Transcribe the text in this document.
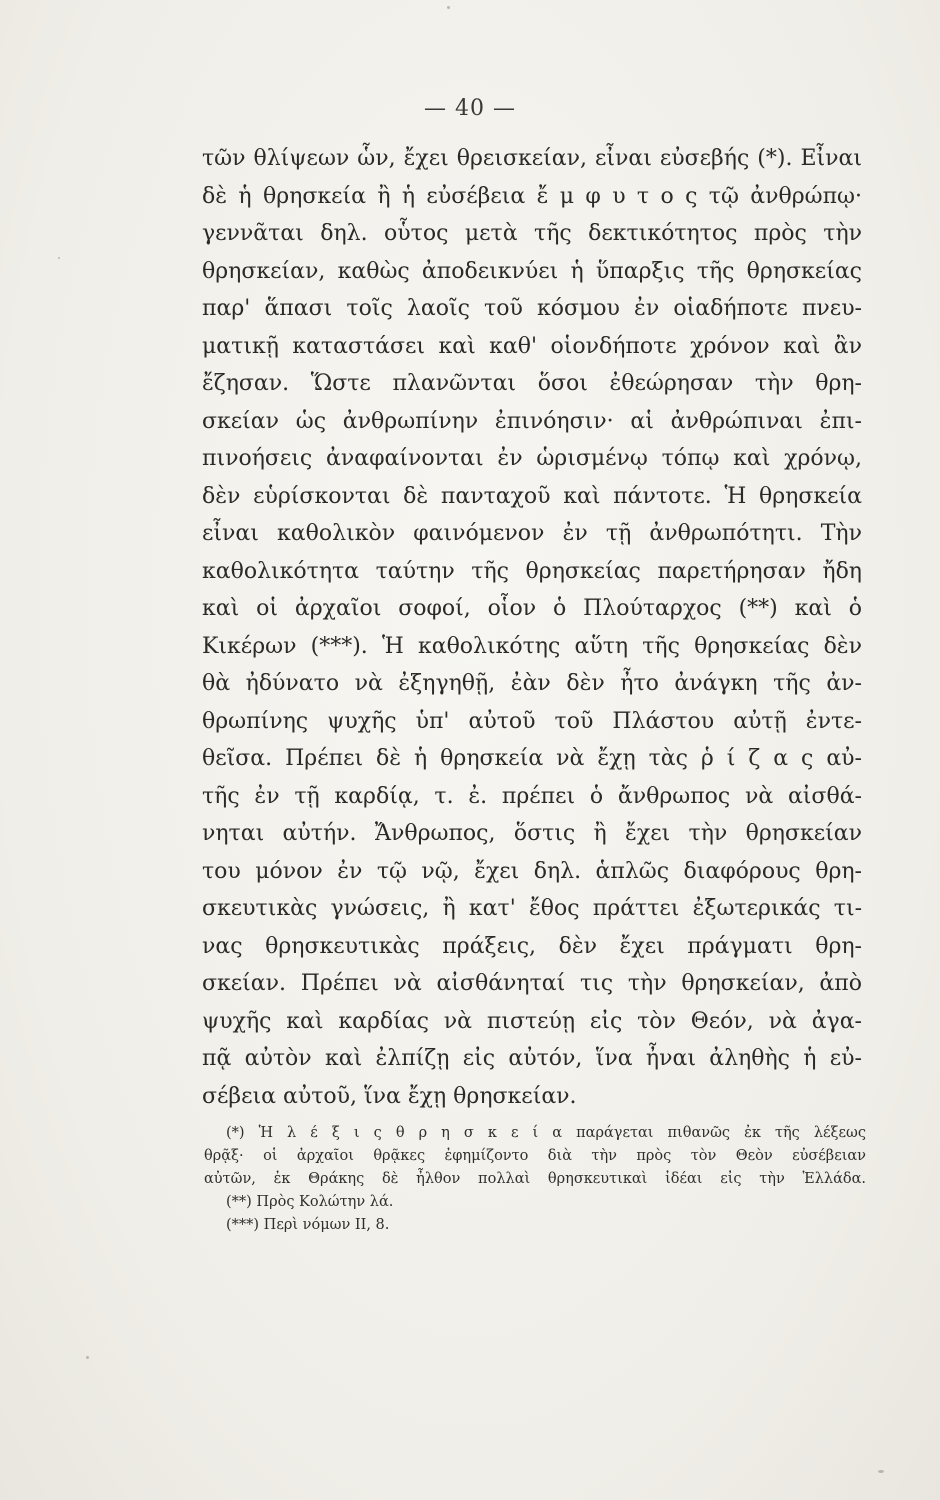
— 40 —
τῶν θλίψεων ὧν, ἔχει θρεισκείαν, εἶναι εὐσεβής (*). Εἶναι
δὲ ἡ θρησκεία ἢ ἡ εὐσέβεια ἔ μ φ υ τ ο ς τῷ ἀνθρώπῳ·
γεννᾶται δηλ. οὗτος μετὰ τῆς δεκτικότητος πρὸς τὴν
θρησκείαν, καθὼς ἀποδεικνύει ἡ ὕπαρξις τῆς θρησκείας
παρ' ἅπασι τοῖς λαοῖς τοῦ κόσμου ἐν οἱαδήποτε πνευ-
ματικῇ καταστάσει καὶ καθ' οἱονδήποτε χρόνον καὶ ἂν
ἔζησαν. Ὥστε πλανῶνται ὅσοι ἐθεώρησαν τὴν θρη-
σκείαν ὡς ἀνθρωπίνην ἐπινόησιν· αἱ ἀνθρώπιναι ἐπι-
πινοήσεις ἀναφαίνονται ἐν ὡρισμένῳ τόπῳ καὶ χρόνῳ,
δὲν εὑρίσκονται δὲ πανταχοῦ καὶ πάντοτε. Ἡ θρησκεία
εἶναι καθολικὸν φαινόμενον ἐν τῇ ἀνθρωπότητι. Τὴν
καθολικότητα ταύτην τῆς θρησκείας παρετήρησαν ἤδη
καὶ οἱ ἀρχαῖοι σοφοί, οἷον ὁ Πλούταρχος (**) καὶ ὁ
Κικέρων (***). Ἡ καθολικότης αὕτη τῆς θρησκείας δὲν
θὰ ἠδύνατο νὰ ἐξηγηθῇ, ἐὰν δὲν ἦτο ἀνάγκη τῆς ἀν-
θρωπίνης ψυχῆς ὑπ' αὐτοῦ τοῦ Πλάστου αὐτῇ ἐντε-
θεῖσα. Πρέπει δὲ ἡ θρησκεία νὰ ἔχῃ τὰς ῥ ί ζ α ς αὐ-
τῆς ἐν τῇ καρδίᾳ, τ. ἐ. πρέπει ὁ ἄνθρωπος νὰ αἰσθά-
νηται αὐτήν. Ἄνθρωπος, ὅστις ἢ ἔχει τὴν θρησκείαν
του μόνον ἐν τῷ νῷ, ἔχει δηλ. ἁπλῶς διαφόρους θρη-
σκευτικὰς γνώσεις, ἢ κατ' ἔθος πράττει ἐξωτερικάς τι-
νας θρησκευτικὰς πράξεις, δὲν ἔχει πράγματι θρη-
σκείαν. Πρέπει νὰ αἰσθάνηταί τις τὴν θρησκείαν, ἀπὸ
ψυχῆς καὶ καρδίας νὰ πιστεύῃ εἰς τὸν Θεόν, νὰ ἀγα-
πᾷ αὐτὸν καὶ ἐλπίζῃ εἰς αὐτόν, ἵνα ἦναι ἀληθὴς ἡ εὐ-
σέβεια αὐτοῦ, ἵνα ἔχῃ θρησκείαν.
(*) Ἡ λ έ ξ ι ς θ ρ η σ κ ε ί α παράγεται πιθανῶς ἐκ τῆς λέξεως
θρᾷξ· οἱ ἀρχαῖοι θρᾷκες ἐφημίζοντο διὰ τὴν πρὸς τὸν Θεὸν εὐσέβειαν
αὐτῶν, ἐκ Θράκης δὲ ἦλθον πολλαὶ θρησκευτικαὶ ἰδέαι εἰς τὴν Ἑλλάδα.
(**) Πρὸς Κολώτην λά.
(***) Περὶ νόμων ΙΙ, 8.
